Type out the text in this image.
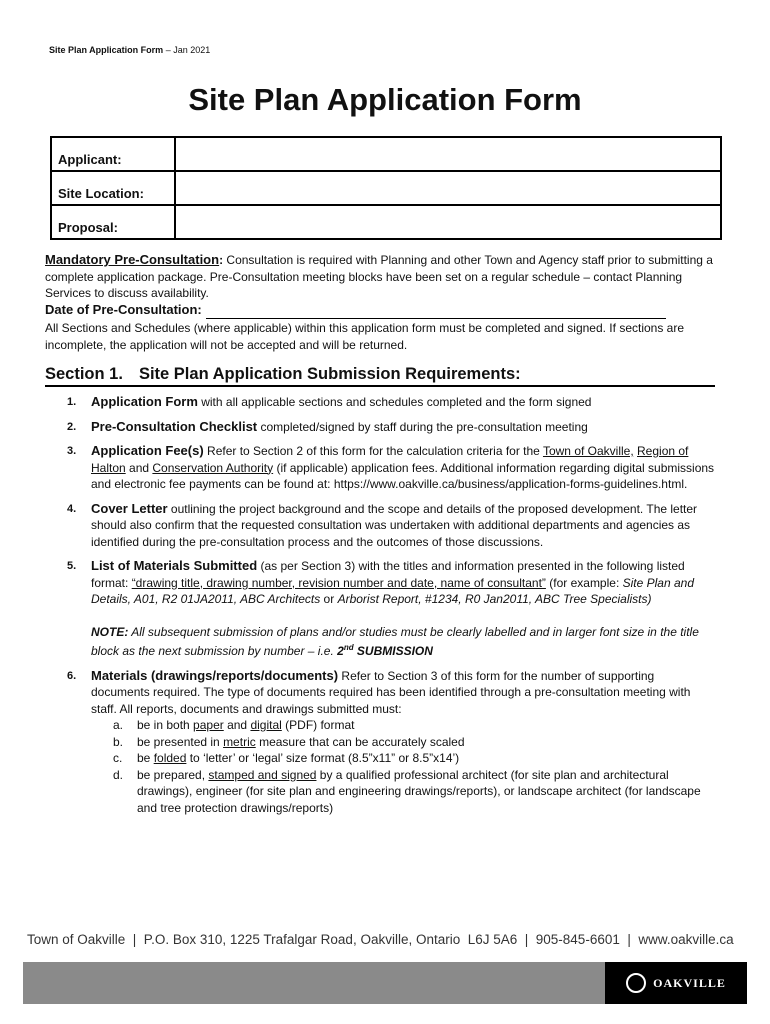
Site Plan Application Form – Jan 2021
Site Plan Application Form
Applicant:	
Site Location:	
Proposal:	
Mandatory Pre-Consultation: Consultation is required with Planning and other Town and Agency staff prior to submitting a complete application package. Pre-Consultation meeting blocks have been set on a regular schedule – contact Planning Services to discuss availability.
Date of Pre-Consultation:
All Sections and Schedules (where applicable) within this application form must be completed and signed. If sections are incomplete, the application will not be accepted and will be returned.
Section 1. Site Plan Application Submission Requirements:
1. Application Form with all applicable sections and schedules completed and the form signed
2. Pre-Consultation Checklist completed/signed by staff during the pre-consultation meeting
3. Application Fee(s) Refer to Section 2 of this form for the calculation criteria for the Town of Oakville, Region of Halton and Conservation Authority (if applicable) application fees. Additional information regarding digital submissions and electronic fee payments can be found at: https://www.oakville.ca/business/application-forms-guidelines.html.
4. Cover Letter outlining the project background and the scope and details of the proposed development. The letter should also confirm that the requested consultation was undertaken with additional departments and agencies as identified during the pre-consultation process and the outcomes of those discussions.
5. List of Materials Submitted (as per Section 3) with the titles and information presented in the following listed format: “drawing title, drawing number, revision number and date, name of consultant” (for example: Site Plan and Details, A01, R2 01JA2011, ABC Architects or Arborist Report, #1234, R0 Jan2011, ABC Tree Specialists)
NOTE: All subsequent submission of plans and/or studies must be clearly labelled and in larger font size in the title block as the next submission by number – i.e. 2nd SUBMISSION
6. Materials (drawings/reports/documents) Refer to Section 3 of this form for the number of supporting documents required. The type of documents required has been identified through a pre-consultation meeting with staff. All reports, documents and drawings submitted must:
a. be in both paper and digital (PDF) format
b. be presented in metric measure that can be accurately scaled
c. be folded to ‘letter’ or ‘legal’ size format (8.5”x11” or 8.5”x14’)
d. be prepared, stamped and signed by a qualified professional architect (for site plan and architectural drawings), engineer (for site plan and engineering drawings/reports), or landscape architect (for landscape and tree protection drawings/reports)
Town of Oakville  |  P.O. Box 310, 1225 Trafalgar Road, Oakville, Ontario  L6J 5A6  |  905-845-6601  |  www.oakville.ca
OAKVILLE
